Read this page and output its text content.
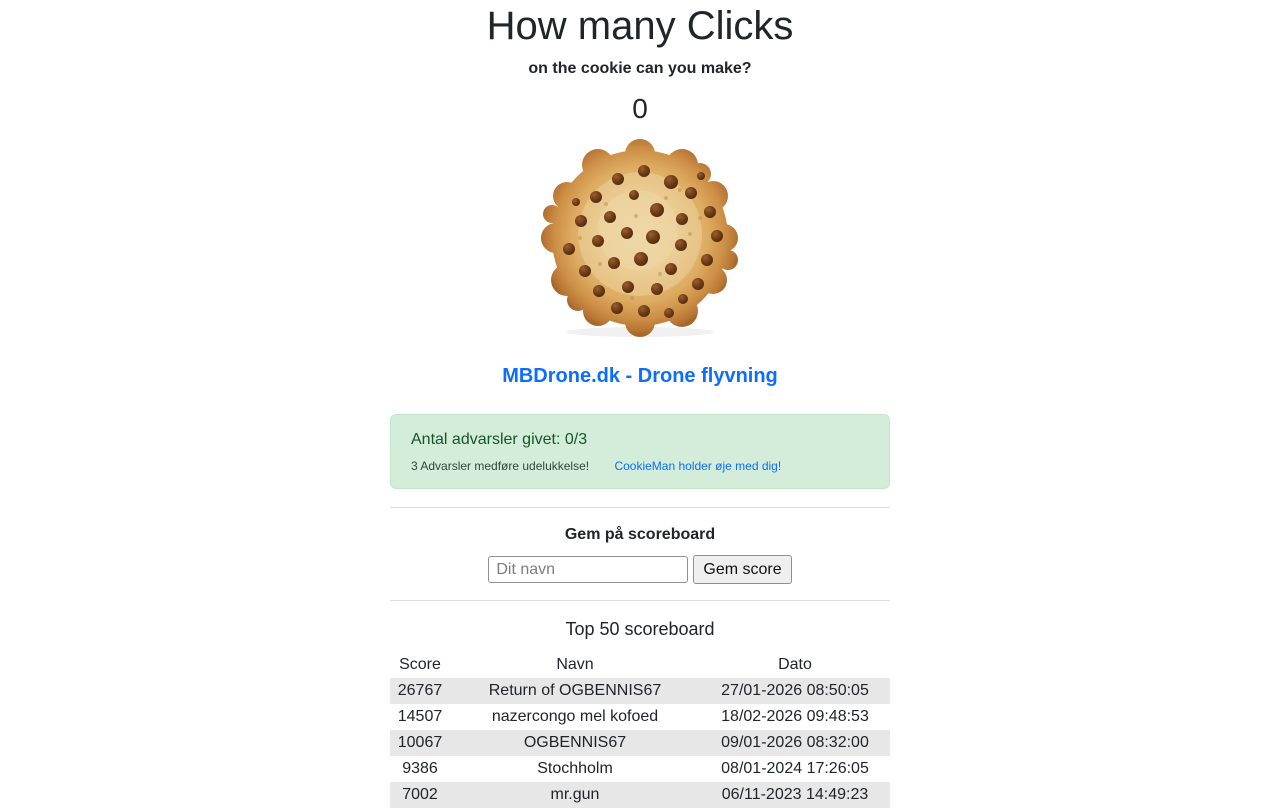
How many Clicks
on the cookie can you make?
0
MBDrone.dk - Drone flyvning
Antal advarsler givet: 0/3
3 Advarsler medføre udelukkelse! CookieMan holder øje med dig!
Gem på scoreboard
Dit navn
Gem score
Top 50 scoreboard
Score	Navn	Dato
26767	Return of OGBENNIS67	27/01-2026 08:50:05
14507	nazercongo mel kofoed	18/02-2026 09:48:53
10067	OGBENNIS67	09/01-2026 08:32:00
9386	Stochholm	08/01-2024 17:26:05
7002	mr.gun	06/11-2023 14:49:23
